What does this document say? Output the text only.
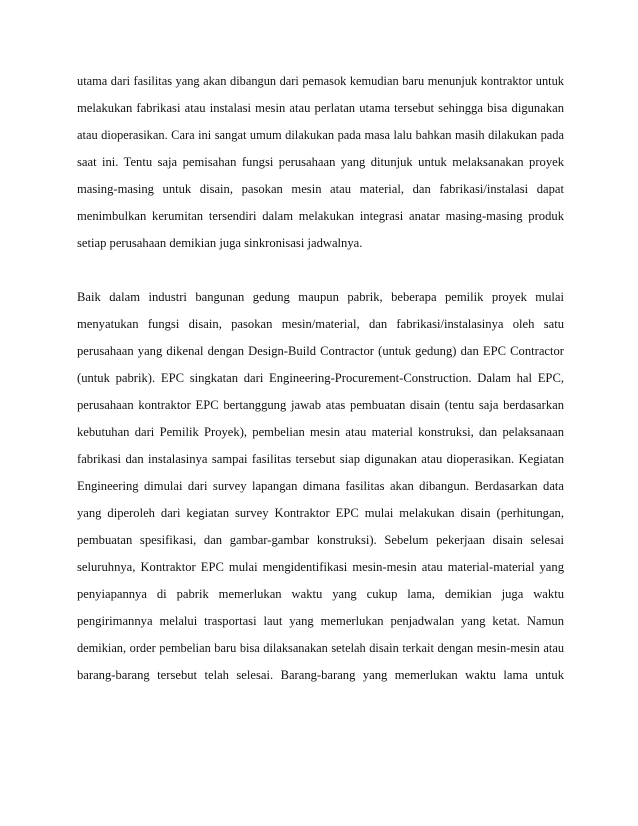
utama dari fasilitas yang akan dibangun dari pemasok kemudian baru menunjuk kontraktor untuk
melakukan fabrikasi atau instalasi mesin atau perlatan utama tersebut sehingga bisa digunakan
atau dioperasikan. Cara ini sangat umum dilakukan pada masa lalu bahkan masih dilakukan pada
saat ini. Tentu saja pemisahan fungsi perusahaan yang ditunjuk untuk melaksanakan proyek
masing-masing untuk disain, pasokan mesin atau material, dan fabrikasi/instalasi dapat
menimbulkan kerumitan tersendiri dalam melakukan integrasi anatar masing-masing produk
setiap perusahaan demikian juga sinkronisasi jadwalnya.
Baik dalam industri bangunan gedung maupun pabrik, beberapa pemilik proyek mulai
menyatukan fungsi disain, pasokan mesin/material, dan fabrikasi/instalasinya oleh satu
perusahaan yang dikenal dengan Design-Build Contractor (untuk gedung) dan EPC Contractor
(untuk pabrik). EPC singkatan dari Engineering-Procurement-Construction. Dalam hal EPC,
perusahaan kontraktor EPC bertanggung jawab atas pembuatan disain (tentu saja berdasarkan
kebutuhan dari Pemilik Proyek), pembelian mesin atau material konstruksi, dan pelaksanaan
fabrikasi dan instalasinya sampai fasilitas tersebut siap digunakan atau dioperasikan. Kegiatan
Engineering dimulai dari survey lapangan dimana fasilitas akan dibangun. Berdasarkan data
yang diperoleh dari kegiatan survey Kontraktor EPC mulai melakukan disain (perhitungan,
pembuatan spesifikasi, dan gambar-gambar konstruksi). Sebelum pekerjaan disain selesai
seluruhnya, Kontraktor EPC mulai mengidentifikasi mesin-mesin atau material-material yang
penyiapannya di pabrik memerlukan waktu yang cukup lama, demikian juga waktu
pengirimannya melalui trasportasi laut yang memerlukan penjadwalan yang ketat. Namun
demikian, order pembelian baru bisa dilaksanakan setelah disain terkait dengan mesin-mesin atau
barang-barang tersebut telah selesai. Barang-barang yang memerlukan waktu lama untuk
